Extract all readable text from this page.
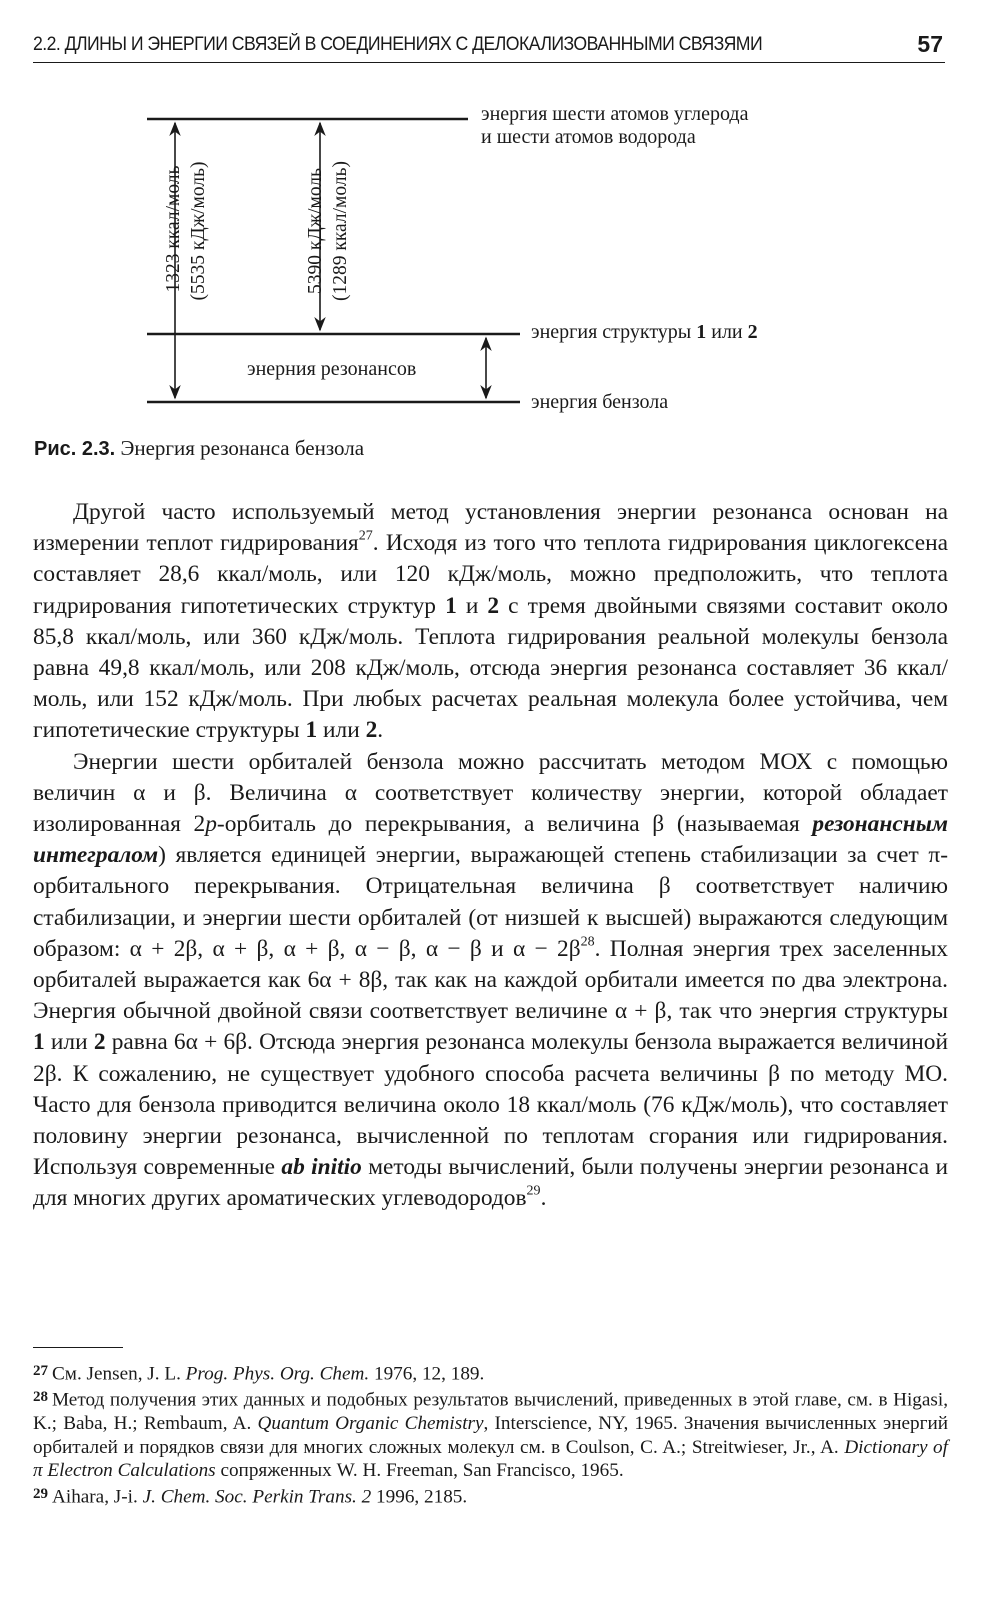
2.2. ДЛИНЫ И ЭНЕРГИИ СВЯЗЕЙ В СОЕДИНЕНИЯХ С ДЕЛОКАЛИЗОВАННЫМИ СВЯЗЯМИ	57
энергия шести атомов углерода
и шести атомов водорода
1323 ккал/моль (5535 кДж/моль)	5390 кДж/моль (1289 ккал/моль)
энергия структуры 1 или 2
энерния резонансов
энергия бензола
Рис. 2.3. Энергия резонанса бензола

Другой часто используемый метод установления энергии резонанса основан на измерении теплот гидрирования$^{27}$. Исходя из того что теплота гидрирования циклогексена составляет 28,6 ккал/моль, или 120 кДж/моль, можно предположить, что теплота гидрирования гипотетических структур 1 и 2 с тремя двойными связями составит около 85,8 ккал/моль, или 360 кДж/моль. Теплота гидрирования реальной молекулы бензола равна 49,8 ккал/моль, или 208 кДж/моль, отсюда энергия резонанса составляет 36 ккал/моль, или 152 кДж/моль. При любых расчетах реальная молекула более устойчива, чем гипотетические структуры 1 или 2.

Энергии шести орбиталей бензола можно рассчитать методом МОХ с помощью величин α и β. Величина α соответствует количеству энергии, которой обладает изолированная 2p-орбиталь до перекрывания, а величина β (называемая резонансным интегралом) является единицей энергии, выражающей степень стабилизации за счет π-орбитального перекрывания. Отрицательная величина β соответствует наличию стабилизации, и энергии шести орбиталей (от низшей к высшей) выражаются следующим образом: α + 2β, α + β, α + β, α − β, α − β и $\alpha - 2\beta^{28}$. Полная энергия трех заселенных орбиталей выражается как 6α + 8β, так как на каждой орбитали имеется по два электрона. Энергия обычной двойной связи соответствует величине α + β, так что энергия структуры 1 или 2 равна 6α + 6β. Отсюда энергия резонанса молекулы бензола выражается величиной 2β. К сожалению, не существует удобного способа расчета величины β по методу МО. Часто для бензола приводится величина около 18 ккал/моль (76 кДж/моль), что составляет половину энергии резонанса, вычисленной по теплотам сгорания или гидрирования. Используя современные ab initio методы вычислений, были получены энергии резонанса и для многих других ароматических углеводородов$^{29}$.

$^{27}$ См. Jensen, J. L. Prog. Phys. Org. Chem. 1976, 12, 189.

$^{28}$ Метод получения этих данных и подобных результатов вычислений, приведенных в этой главе, см. в Higasi, K.; Baba, H.; Rembaum, A. Quantum Organic Chemistry, Interscience, NY, 1965. Значения вычисленных энергий орбиталей и порядков связи для многих сложных молекул см. в Coulson, C. A.; Streitwieser, Jr., A. Dictionary of π Electron Calculations сопряженных W. H. Freeman, San Francisco, 1965.

$^{29}$ Aihara, J-i. J. Chem. Soc. Perkin Trans. 2 1996, 2185.
